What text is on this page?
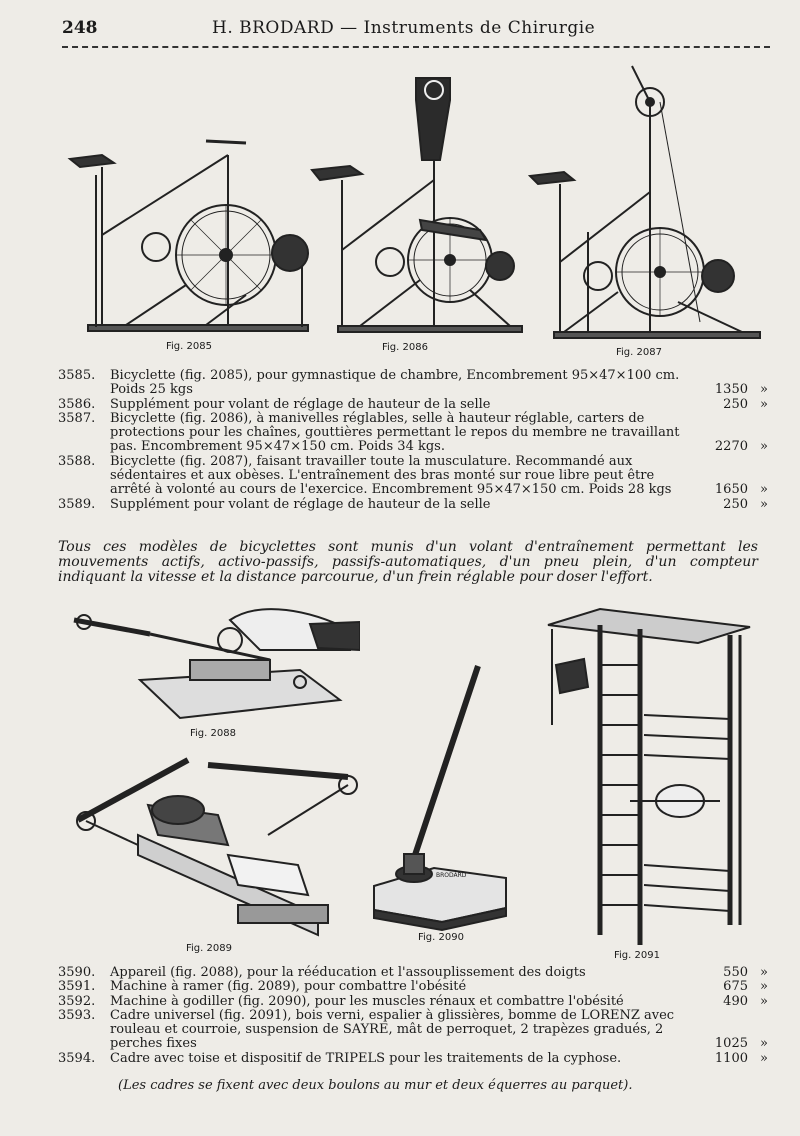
248	H. BRODARD — Instruments de Chirurgie
Fig. 2085	Fig. 2086	Fig. 2087
3585. Bicyclette (fig. 2085), pour gymnastique de chambre, Encombrement 95×47×100 cm. Poids 25 kgs	1350 »
3586. Supplément pour volant de réglage de hauteur de la selle	250 »
3587. Bicyclette (fig. 2086), à manivelles réglables, selle à hauteur réglable, carters de protections pour les chaînes, gouttières permettant le repos du membre ne travaillant pas. Encombrement 95×47×150 cm. Poids 34 kgs.	2270 »
3588. Bicyclette (fig. 2087), faisant travailler toute la musculature. Recommandé aux sédentaires et aux obèses. L'entraînement des bras monté sur roue libre peut être arrêté à volonté au cours de l'exercice. Encombrement 95×47×150 cm. Poids 28 kgs	1650 »
3589. Supplément pour volant de réglage de hauteur de la selle	250 »
Tous ces modèles de bicyclettes sont munis d'un volant d'entraînement permettant les mouvements actifs, activo-passifs, passifs-automatiques, d'un pneu plein, d'un compteur indiquant la vitesse et la distance parcourue, d'un frein réglable pour doser l'effort.
Fig. 2088
Fig. 2089
BRODARD
Fig. 2090
Fig. 2091
3590. Appareil (fig. 2088), pour la rééducation et l'assouplissement des doigts	550 »
3591. Machine à ramer (fig. 2089), pour combattre l'obésité	675 »
3592. Machine à godiller (fig. 2090), pour les muscles rénaux et combattre l'obésité	490 »
3593. Cadre universel (fig. 2091), bois verni, espalier à glissières, bomme de LORENZ avec rouleau et courroie, suspension de SAYRE, mât de perroquet, 2 trapèzes gradués, 2 perches fixes	1025 »
3594. Cadre avec toise et dispositif de TRIPELS pour les traitements de la cyphose.	1100 »
(Les cadres se fixent avec deux boulons au mur et deux équerres au parquet).
